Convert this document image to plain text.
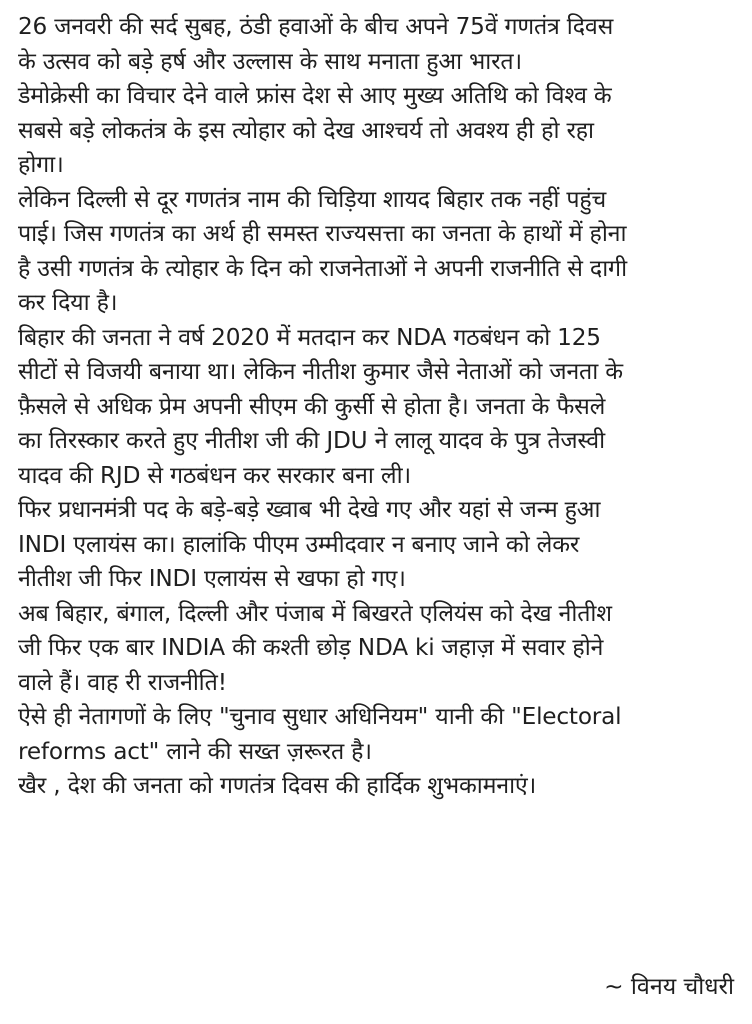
26 जनवरी की सर्द सुबह, ठंडी हवाओं के बीच अपने 75वें गणतंत्र दिवस
के उत्सव को बड़े हर्ष और उल्लास के साथ मनाता हुआ भारत।
डेमोक्रेसी का विचार देने वाले फ्रांस देश से आए मुख्य अतिथि को विश्व के
सबसे बड़े लोकतंत्र के इस त्योहार को देख आश्चर्य तो अवश्य ही हो रहा
होगा।
लेकिन दिल्ली से दूर गणतंत्र नाम की चिड़िया शायद बिहार तक नहीं पहुंच
पाई। जिस गणतंत्र का अर्थ ही समस्त राज्यसत्ता का जनता के हाथों में होना
है उसी गणतंत्र के त्योहार के दिन को राजनेताओं ने अपनी राजनीति से दागी
कर दिया है।
बिहार की जनता ने वर्ष 2020 में मतदान कर NDA गठबंधन को 125
सीटों से विजयी बनाया था। लेकिन नीतीश कुमार जैसे नेताओं को जनता के
फ़ैसले से अधिक प्रेम अपनी सीएम की कुर्सी से होता है। जनता के फैसले
का तिरस्कार करते हुए नीतीश जी की JDU ने लालू यादव के पुत्र तेजस्वी
यादव की RJD से गठबंधन कर सरकार बना ली।
फिर प्रधानमंत्री पद के बड़े-बड़े ख्वाब भी देखे गए और यहां से जन्म हुआ
INDI एलायंस का। हालांकि पीएम उम्मीदवार न बनाए जाने को लेकर
नीतीश जी फिर INDI एलायंस से खफा हो गए।
अब बिहार, बंगाल, दिल्ली और पंजाब में बिखरते एलियंस को देख नीतीश
जी फिर एक बार INDIA की कश्ती छोड़ NDA ki जहाज़ में सवार होने
वाले हैं। वाह री राजनीति!
ऐसे ही नेतागणों के लिए "चुनाव सुधार अधिनियम" यानी की "Electoral
reforms act" लाने की सख्त ज़रूरत है।
खैर , देश की जनता को गणतंत्र दिवस की हार्दिक शुभकामनाएं।
~ विनय चौधरी
